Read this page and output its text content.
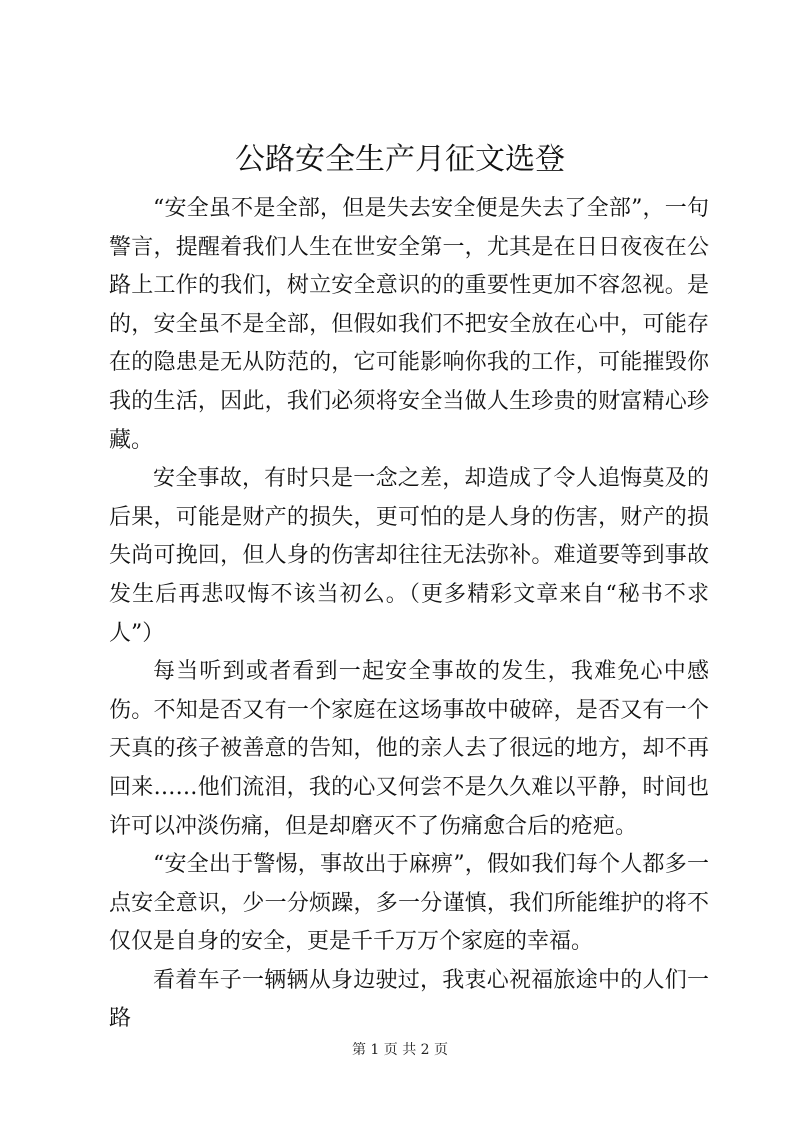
公路安全生产月征文选登

“安全虽不是全部，但是失去安全便是失去了全部”，一句警言，提醒着我们人生在世安全第一，尤其是在日日夜夜在公路上工作的我们，树立安全意识的的重要性更加不容忽视。是的，安全虽不是全部，但假如我们不把安全放在心中，可能存在的隐患是无从防范的，它可能影响你我的工作，可能摧毁你我的生活，因此，我们必须将安全当做人生珍贵的财富精心珍藏。

安全事故，有时只是一念之差，却造成了令人追悔莫及的后果，可能是财产的损失，更可怕的是人身的伤害，财产的损失尚可挽回，但人身的伤害却往往无法弥补。难道要等到事故发生后再悲叹悔不该当初么。（更多精彩文章来自“秘书不求人”）

每当听到或者看到一起安全事故的发生，我难免心中感伤。不知是否又有一个家庭在这场事故中破碎，是否又有一个天真的孩子被善意的告知，他的亲人去了很远的地方，却不再回来……他们流泪，我的心又何尝不是久久难以平静，时间也许可以冲淡伤痛，但是却磨灭不了伤痛愈合后的疮疤。

“安全出于警惕，事故出于麻痹”，假如我们每个人都多一点安全意识，少一分烦躁，多一分谨慎，我们所能维护的将不仅仅是自身的安全，更是千千万万个家庭的幸福。

看着车子一辆辆从身边驶过，我衷心祝福旅途中的人们一路

第 1 页 共 2 页
